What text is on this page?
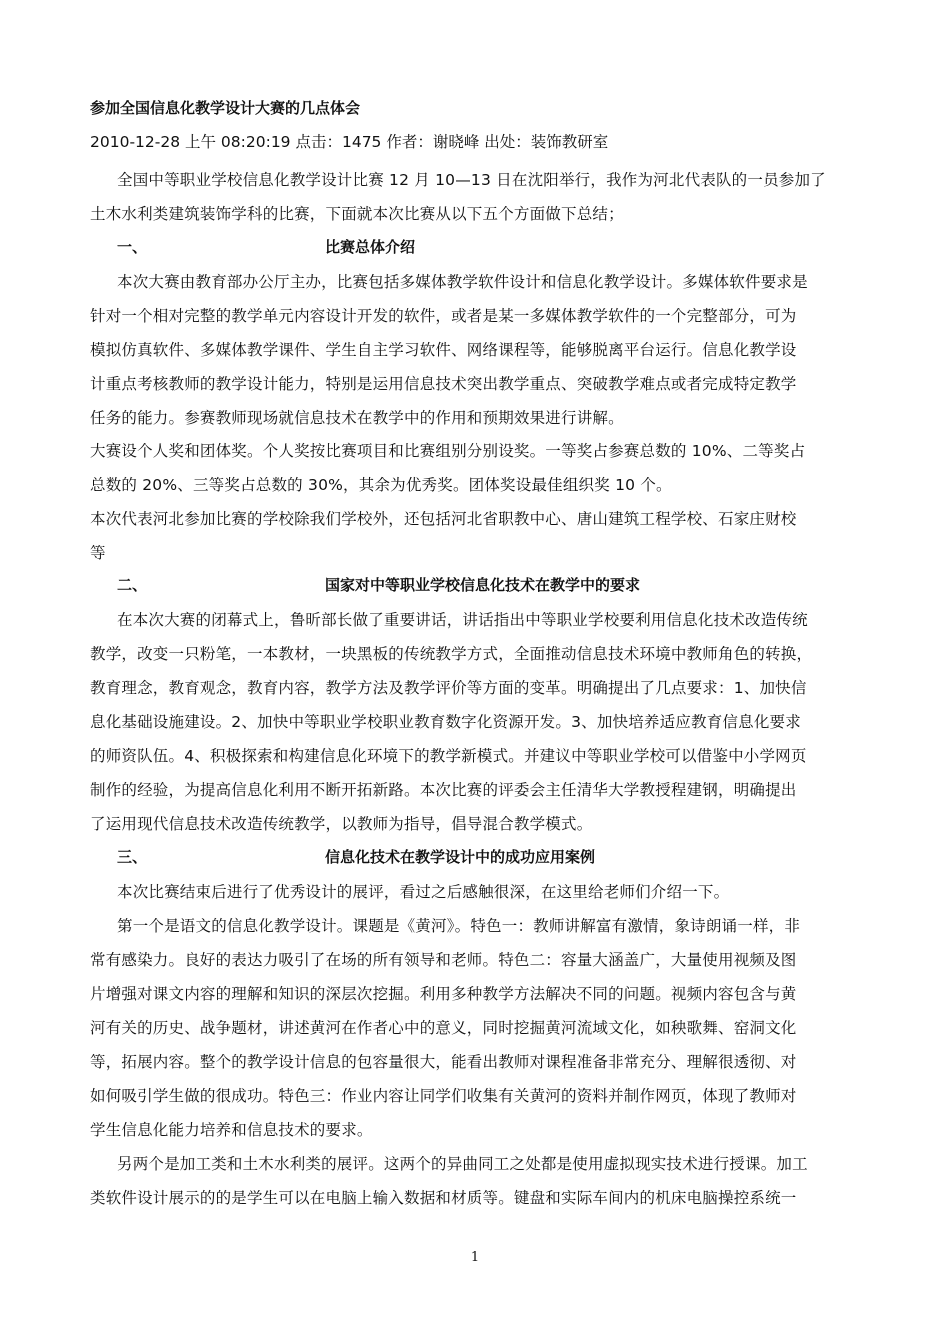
参加全国信息化教学设计大赛的几点体会
2010-12-28 上午 08:20:19 点击：1475 作者：谢晓峰 出处：装饰教研室
全国中等职业学校信息化教学设计比赛 12 月 10—13 日在沈阳举行，我作为河北代表队的一员参加了
土木水利类建筑装饰学科的比赛，下面就本次比赛从以下五个方面做下总结；
一、	比赛总体介绍
本次大赛由教育部办公厅主办，比赛包括多媒体教学软件设计和信息化教学设计。多媒体软件要求是
针对一个相对完整的教学单元内容设计开发的软件，或者是某一多媒体教学软件的一个完整部分，可为
模拟仿真软件、多媒体教学课件、学生自主学习软件、网络课程等，能够脱离平台运行。信息化教学设
计重点考核教师的教学设计能力，特别是运用信息技术突出教学重点、突破教学难点或者完成特定教学
任务的能力。参赛教师现场就信息技术在教学中的作用和预期效果进行讲解。
大赛设个人奖和团体奖。个人奖按比赛项目和比赛组别分别设奖。一等奖占参赛总数的 10%、二等奖占
总数的 20%、三等奖占总数的 30%，其余为优秀奖。团体奖设最佳组织奖 10 个。
本次代表河北参加比赛的学校除我们学校外，还包括河北省职教中心、唐山建筑工程学校、石家庄财校
等
二、	国家对中等职业学校信息化技术在教学中的要求
在本次大赛的闭幕式上，鲁昕部长做了重要讲话，讲话指出中等职业学校要利用信息化技术改造传统
教学，改变一只粉笔，一本教材，一块黑板的传统教学方式，全面推动信息技术环境中教师角色的转换，
教育理念，教育观念，教育内容，教学方法及教学评价等方面的变革。明确提出了几点要求：1、加快信
息化基础设施建设。2、加快中等职业学校职业教育数字化资源开发。3、加快培养适应教育信息化要求
的师资队伍。4、积极探索和构建信息化环境下的教学新模式。并建议中等职业学校可以借鉴中小学网页
制作的经验，为提高信息化利用不断开拓新路。本次比赛的评委会主任清华大学教授程建钢，明确提出
了运用现代信息技术改造传统教学，以教师为指导，倡导混合教学模式。
三、	信息化技术在教学设计中的成功应用案例
本次比赛结束后进行了优秀设计的展评，看过之后感触很深，在这里给老师们介绍一下。
第一个是语文的信息化教学设计。课题是《黄河》。特色一：教师讲解富有激情，象诗朗诵一样，非
常有感染力。良好的表达力吸引了在场的所有领导和老师。特色二：容量大涵盖广，大量使用视频及图
片增强对课文内容的理解和知识的深层次挖掘。利用多种教学方法解决不同的问题。视频内容包含与黄
河有关的历史、战争题材，讲述黄河在作者心中的意义，同时挖掘黄河流域文化，如秧歌舞、窑洞文化
等，拓展内容。整个的教学设计信息的包容量很大，能看出教师对课程准备非常充分、理解很透彻、对
如何吸引学生做的很成功。特色三：作业内容让同学们收集有关黄河的资料并制作网页，体现了教师对
学生信息化能力培养和信息技术的要求。
另两个是加工类和土木水利类的展评。这两个的异曲同工之处都是使用虚拟现实技术进行授课。加工
类软件设计展示的的是学生可以在电脑上输入数据和材质等。键盘和实际车间内的机床电脑操控系统一
1
